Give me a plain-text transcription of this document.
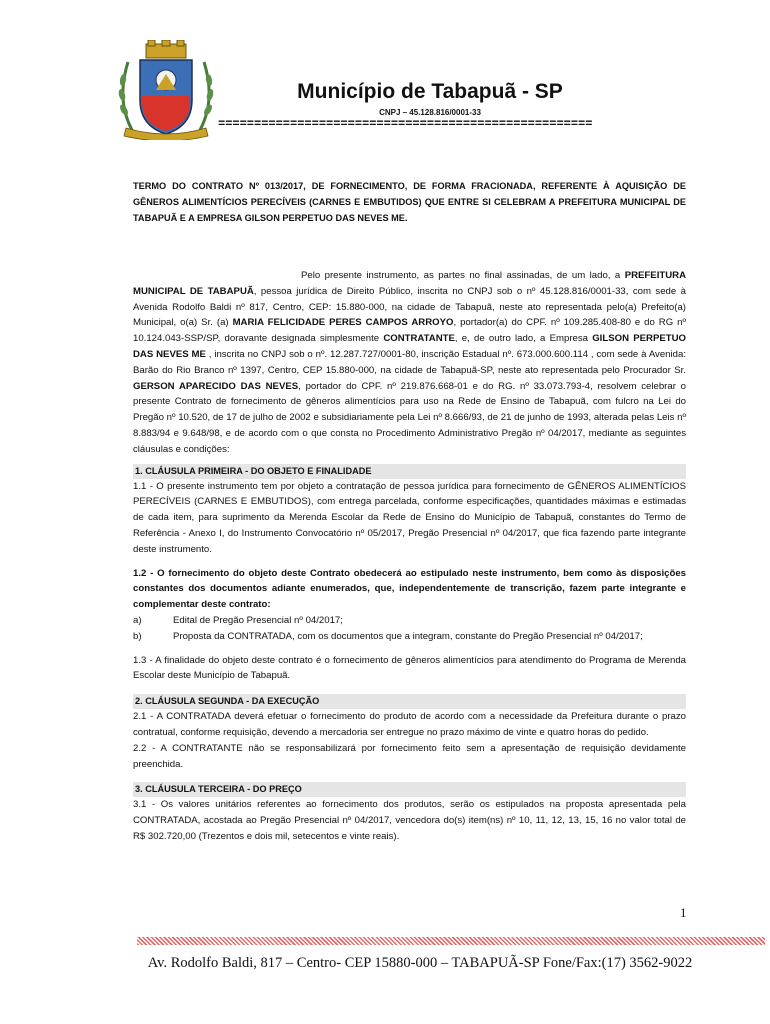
Município de Tabapuã - SP
CNPJ – 45.128.816/0001-33
====================================================

TERMO DO CONTRATO Nº 013/2017, DE FORNECIMENTO, DE FORMA FRACIONADA, REFERENTE À AQUISIÇÃO DE GÊNEROS ALIMENTÍCIOS PERECÍVEIS (CARNES E EMBUTIDOS) QUE ENTRE SI CELEBRAM A PREFEITURA MUNICIPAL DE TABAPUÃ E A EMPRESA GILSON PERPETUO DAS NEVES ME.

Pelo presente instrumento, as partes no final assinadas, de um lado, a PREFEITURA MUNICIPAL DE TABAPUÃ, pessoa jurídica de Direito Público, inscrita no CNPJ sob o nº 45.128.816/0001-33, com sede à Avenida Rodolfo Baldi nº 817, Centro, CEP: 15.880-000, na cidade de Tabapuã, neste ato representada pelo(a) Prefeito(a) Municipal, o(a) Sr. (a) MARIA FELICIDADE PERES CAMPOS ARROYO, portador(a) do CPF. nº 109.285.408-80 e do RG nº 10.124.043-SSP/SP, doravante designada simplesmente CONTRATANTE, e, de outro lado, a Empresa GILSON PERPETUO DAS NEVES ME , inscrita no CNPJ sob o nº. 12.287.727/0001-80, inscrição Estadual nº. 673.000.600.114 , com sede à Avenida: Barão do Rio Branco nº 1397, Centro, CEP 15.880-000, na cidade de Tabapuã-SP, neste ato representada pelo Procurador Sr. GERSON APARECIDO DAS NEVES, portador do CPF. nº 219.876.668-01 e do RG. nº 33.073.793-4, resolvem celebrar o presente Contrato de fornecimento de gêneros alimentícios para uso na Rede de Ensino de Tabapuã, com fulcro na Lei do Pregão nº 10.520, de 17 de julho de 2002 e subsidiariamente pela Lei nº 8.666/93, de 21 de junho de 1993, alterada pelas Leis nº 8.883/94 e 9.648/98, e de acordo com o que consta no Procedimento Administrativo Pregão nº 04/2017, mediante as seguintes cláusulas e condições:

1. CLÁUSULA PRIMEIRA - DO OBJETO E FINALIDADE

1.1 - O presente instrumento tem por objeto a contratação de pessoa jurídica para fornecimento de GÊNEROS ALIMENTÍCIOS PERECÍVEIS (CARNES E EMBUTIDOS), com entrega parcelada, conforme especificações, quantidades máximas e estimadas de cada item, para suprimento da Merenda Escolar da Rede de Ensino do Município de Tabapuã, constantes do Termo de Referência - Anexo I, do Instrumento Convocatório nº 05/2017, Pregão Presencial nº 04/2017, que fica fazendo parte integrante deste instrumento.

1.2 - O fornecimento do objeto deste Contrato obedecerá ao estipulado neste instrumento, bem como às disposições constantes dos documentos adiante enumerados, que, independentemente de transcrição, fazem parte integrante e complementar deste contrato:

a)	Edital de Pregão Presencial nº 04/2017;

b)	Proposta da CONTRATADA, com os documentos que a integram, constante do Pregão Presencial nº 04/2017;

1.3 - A finalidade do objeto deste contrato é o fornecimento de gêneros alimentícios para atendimento do Programa de Merenda Escolar deste Município de Tabapuã.

2. CLÁUSULA SEGUNDA - DA EXECUÇÃO

2.1 - A CONTRATADA deverá efetuar o fornecimento do produto de acordo com a necessidade da Prefeitura durante o prazo contratual, conforme requisição, devendo a mercadoria ser entregue no prazo máximo de vinte e quatro horas do pedido.

2.2 - A CONTRATANTE não se responsabilizará por fornecimento feito sem a apresentação de requisição devidamente preenchida.

3. CLÁUSULA TERCEIRA - DO PREÇO

3.1 - Os valores unitários referentes ao fornecimento dos produtos, serão os estipulados na proposta apresentada pela CONTRATADA, acostada ao Pregão Presencial nº 04/2017, vencedora do(s) item(ns) nº 10, 11, 12, 13, 15, 16 no valor total de R$ 302.720,00 (Trezentos e dois mil, setecentos e vinte reais).

1
Av. Rodolfo Baldi, 817 – Centro- CEP 15880-000 – TABAPUÃ-SP Fone/Fax:(17) 3562-9022
